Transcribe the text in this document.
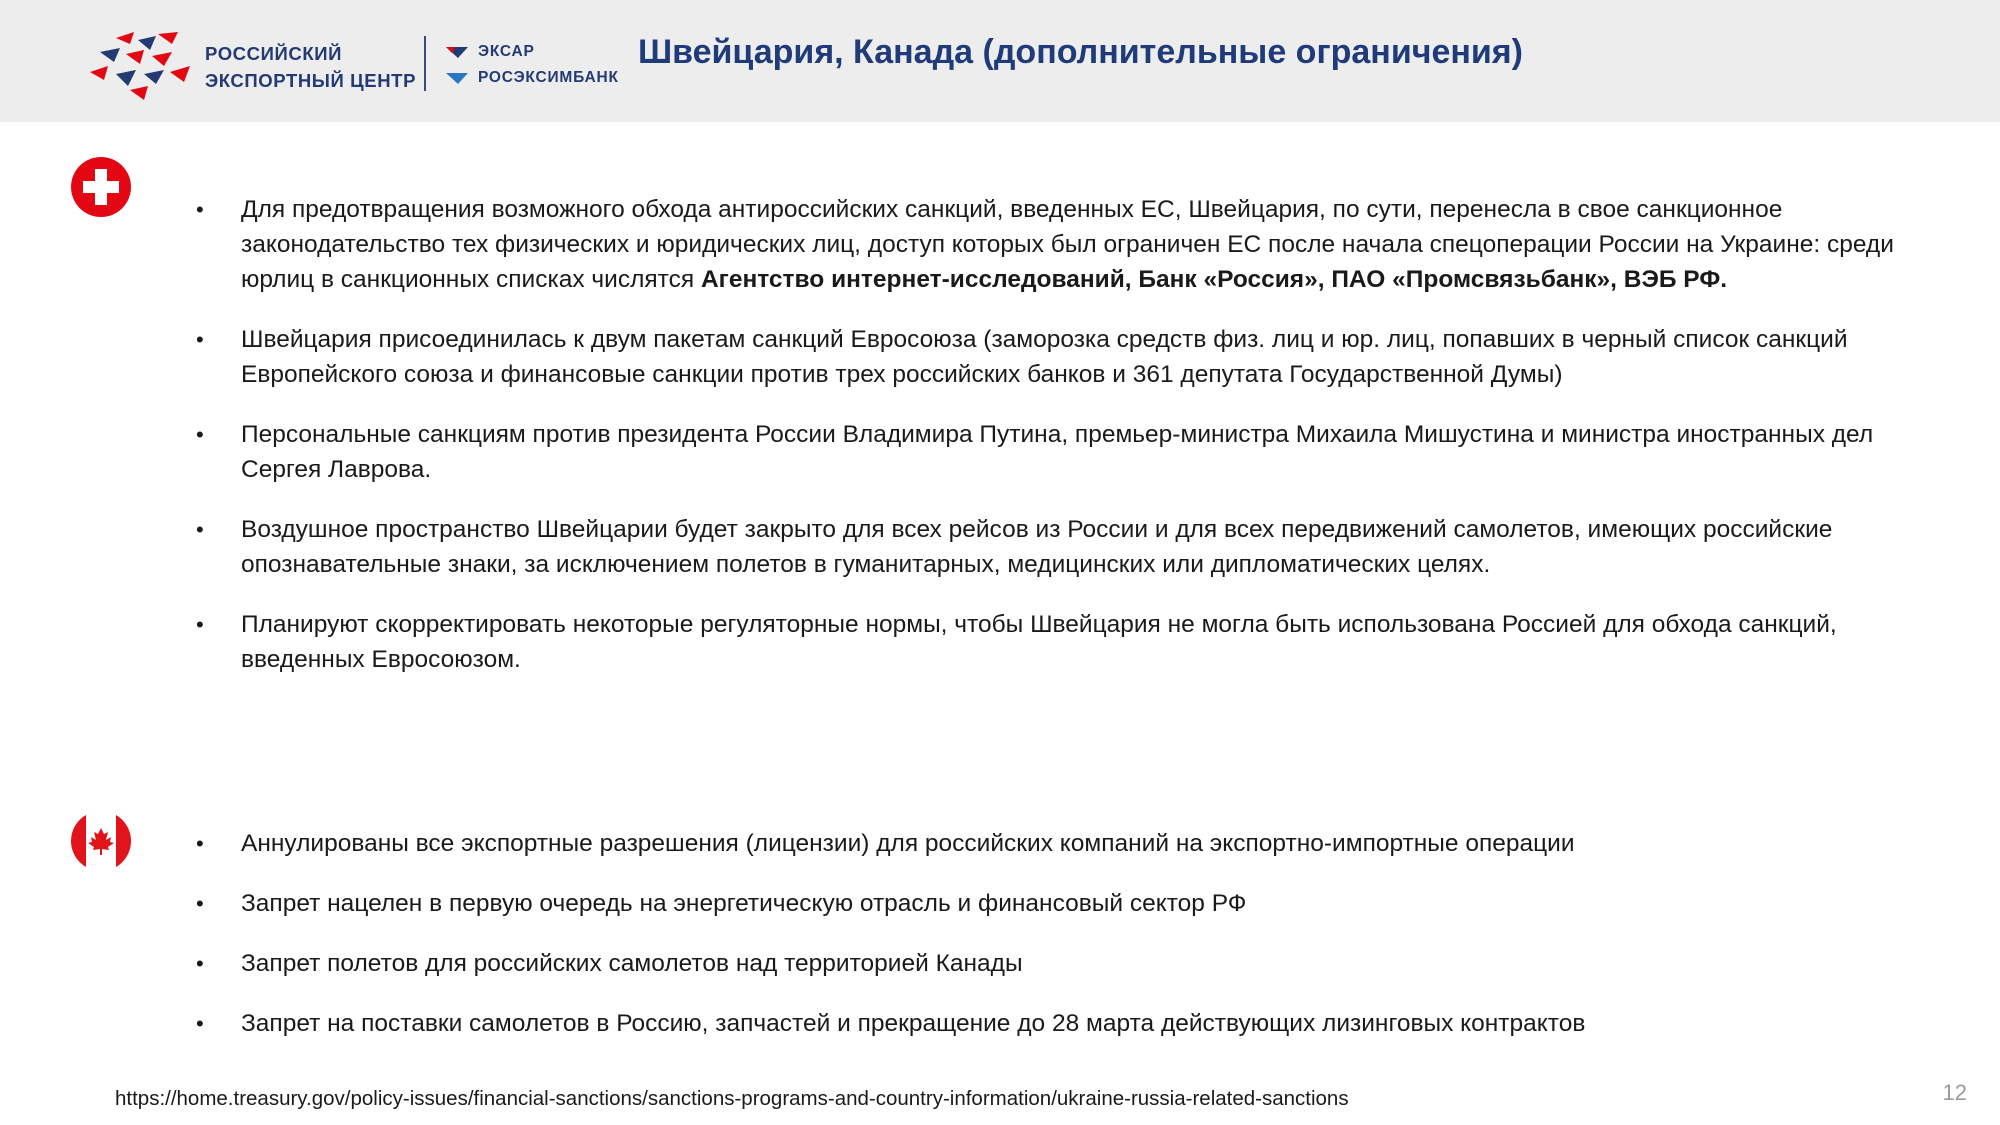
РОССИЙСКИЙ
ЭКСПОРТНЫЙ ЦЕНТР
ЭКСАР
РОСЭКСИМБАНК
Швейцария, Канада (дополнительные ограничения)
• Для предотвращения возможного обхода антироссийских санкций, введенных ЕС, Швейцария, по сути, перенесла в свое санкционное законодательство тех физических и юридических лиц, доступ которых был ограничен ЕС после начала спецоперации России на Украине: среди юрлиц в санкционных списках числятся Агентство интернет-исследований, Банк «Россия», ПАО «Промсвязьбанк», ВЭБ РФ.
• Швейцария присоединилась к двум пакетам санкций Евросоюза (заморозка средств физ. лиц и юр. лиц, попавших в черный список санкций Европейского союза и финансовые санкции против трех российских банков и 361 депутата Государственной Думы)
• Персональные санкциям против президента России Владимира Путина, премьер-министра Михаила Мишустина и министра иностранных дел Сергея Лаврова.
• Воздушное пространство Швейцарии будет закрыто для всех рейсов из России и для всех передвижений самолетов, имеющих российские опознавательные знаки, за исключением полетов в гуманитарных, медицинских или дипломатических целях.
• Планируют скорректировать некоторые регуляторные нормы, чтобы Швейцария не могла быть использована Россией для обхода санкций, введенных Евросоюзом.
• Аннулированы все экспортные разрешения (лицензии) для российских компаний на экспортно-импортные операции
• Запрет нацелен в первую очередь на энергетическую отрасль и финансовый сектор РФ
• Запрет полетов для российских самолетов над территорией Канады
• Запрет на поставки самолетов в Россию, запчастей и прекращение до 28 марта действующих лизинговых контрактов
https://home.treasury.gov/policy-issues/financial-sanctions/sanctions-programs-and-country-information/ukraine-russia-related-sanctions	12
